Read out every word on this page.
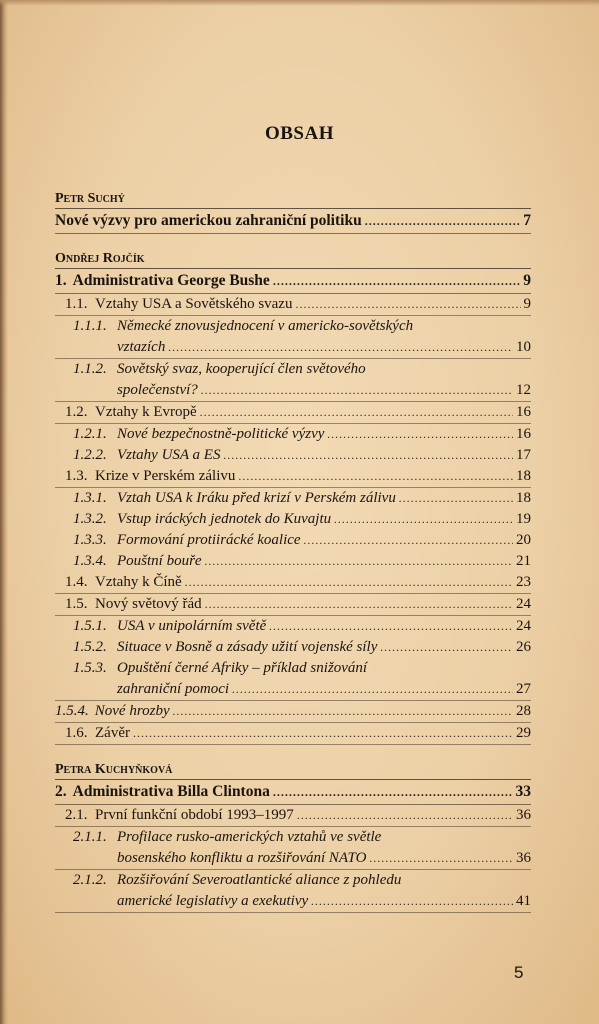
OBSAH
Petr Suchý
Nové výzvy pro americkou zahraniční politiku . . .	7
Ondřej Rojčík
1. Administrativa George Bushe . . .	9
1.1. Vztahy USA a Sovětského svazu . . .	9
1.1.1. Německé znovusjednocení v americko-sovětských
vztazích . . .	10
1.1.2. Sovětský svaz, kooperující člen světového
společenství? . . .	12
1.2. Vztahy k Evropě . . .	16
1.2.1. Nové bezpečnostně-politické výzvy . . .	16
1.2.2. Vztahy USA a ES . . .	17
1.3. Krize v Perském zálivu . . .	18
1.3.1. Vztah USA k Iráku před krizí v Perském zálivu . . .	18
1.3.2. Vstup iráckých jednotek do Kuvajtu . . .	19
1.3.3. Formování protiirácké koalice . . .	20
1.3.4. Pouštní bouře . . .	21
1.4. Vztahy k Číně . . .	23
1.5. Nový světový řád . . .	24
1.5.1. USA v unipolárním světě . . .	24
1.5.2. Situace v Bosně a zásady užití vojenské síly . . .	26
1.5.3. Opuštění černé Afriky – příklad snižování
zahraniční pomoci . . .	27
1.5.4. Nové hrozby . . .	28
1.6. Závěr . . .	29
Petra Kuchyňková
2. Administrativa Billa Clintona . . .	33
2.1. První funkční období 1993–1997 . . .	36
2.1.1. Profilace rusko-amerických vztahů ve světle
bosenského konfliktu a rozšiřování NATO . . .	36
2.1.2. Rozšiřování Severoatlantické aliance z pohledu
americké legislativy a exekutivy . . .	41
5
